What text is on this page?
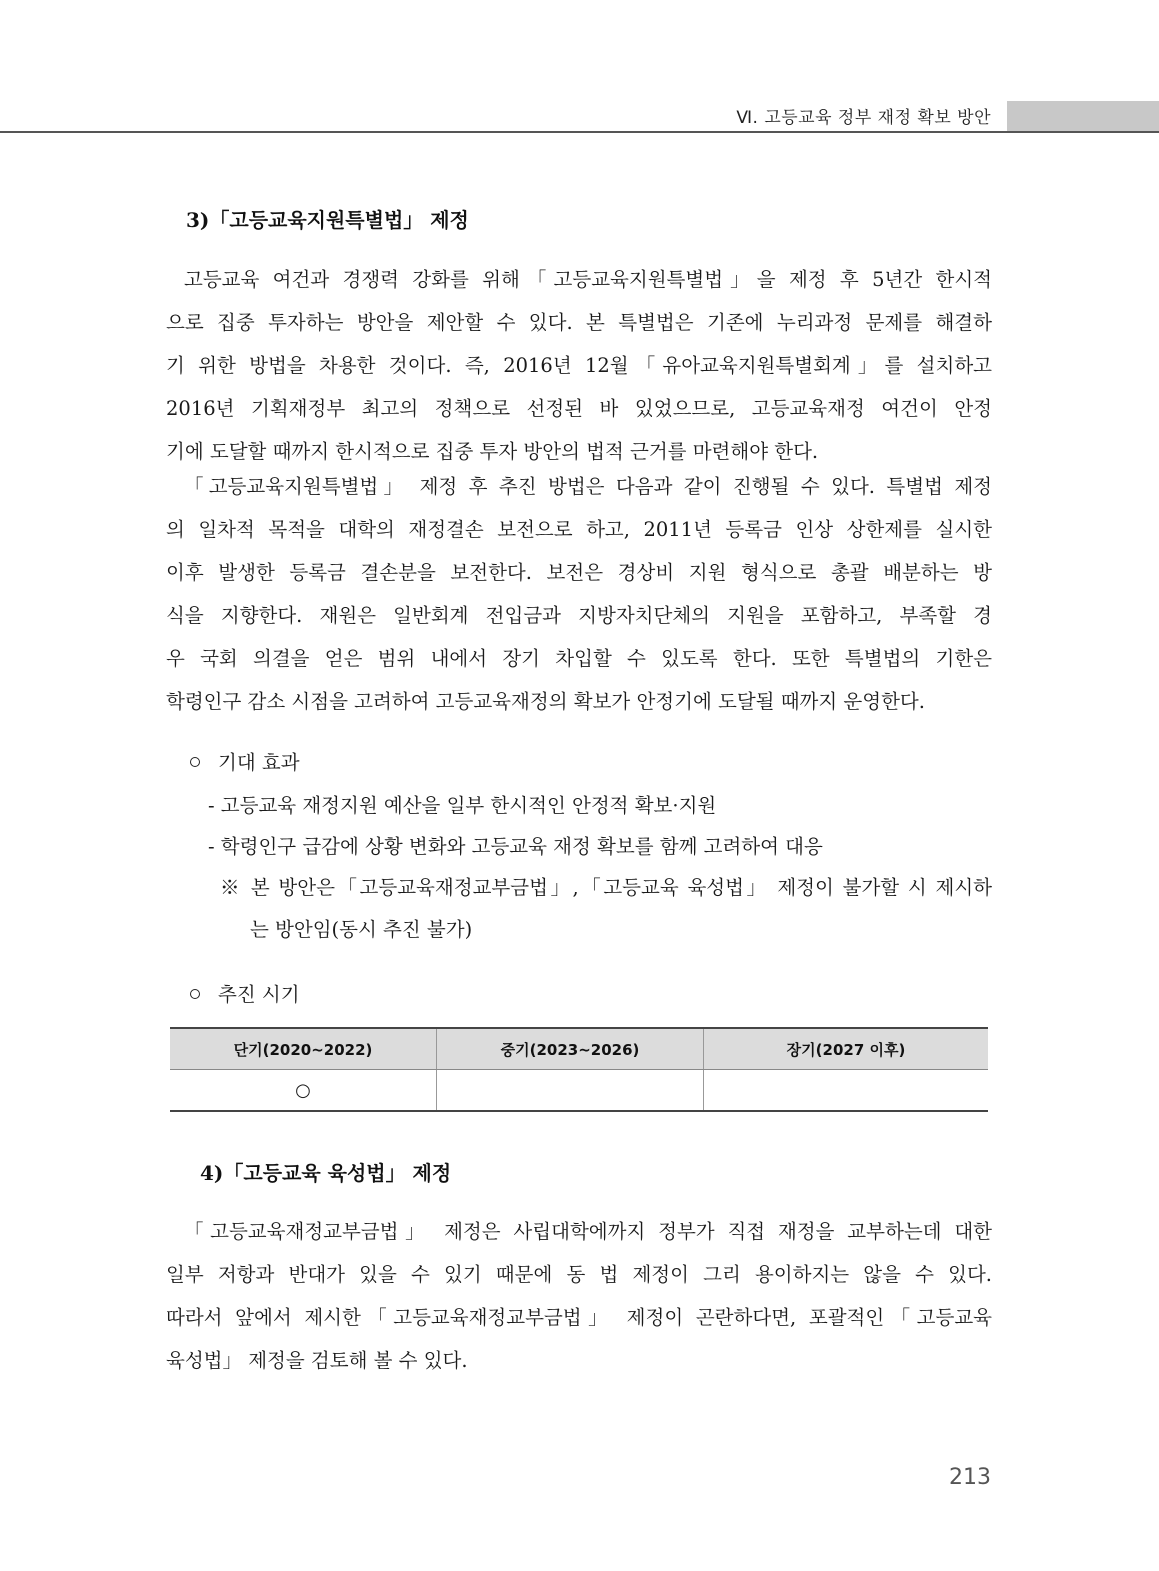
Ⅵ. 고등교육 정부 재정 확보 방안
3)「고등교육지원특별법」 제정

고등교육 여건과 경쟁력 강화를 위해「고등교육지원특별법」을 제정 후 5년간 한시적

으로 집중 투자하는 방안을 제안할 수 있다. 본 특별법은 기존에 누리과정 문제를 해결하

기 위한 방법을 차용한 것이다. 즉, 2016년 12월「유아교육지원특별회계」를 설치하고

2016년 기획재정부 최고의 정책으로 선정된 바 있었으므로, 고등교육재정 여건이 안정

기에 도달할 때까지 한시적으로 집중 투자 방안의 법적 근거를 마련해야 한다.

「고등교육지원특별법」 제정 후 추진 방법은 다음과 같이 진행될 수 있다. 특별법 제정

의 일차적 목적을 대학의 재정결손 보전으로 하고, 2011년 등록금 인상 상한제를 실시한

이후 발생한 등록금 결손분을 보전한다. 보전은 경상비 지원 형식으로 총괄 배분하는 방

식을 지향한다. 재원은 일반회계 전입금과 지방자치단체의 지원을 포함하고, 부족할 경

우 국회 의결을 얻은 범위 내에서 장기 차입할 수 있도록 한다. 또한 특별법의 기한은

학령인구 감소 시점을 고려하여 고등교육재정의 확보가 안정기에 도달될 때까지 운영한다.

기대 효과
- 고등교육 재정지원 예산을 일부 한시적인 안정적 확보·지원
- 학령인구 급감에 상황 변화와 고등교육 재정 확보를 함께 고려하여 대응
※ 본 방안은「고등교육재정교부금법」,「고등교육 육성법」 제정이 불가할 시 제시하
는 방안임(동시 추진 불가)
추진 시기
단기(2020~2022)	중기(2023~2026)	장기(2027 이후)
○		
4)「고등교육 육성법」 제정

「고등교육재정교부금법」 제정은 사립대학에까지 정부가 직접 재정을 교부하는데 대한

일부 저항과 반대가 있을 수 있기 때문에 동 법 제정이 그리 용이하지는 않을 수 있다.

따라서 앞에서 제시한「고등교육재정교부금법」 제정이 곤란하다면, 포괄적인「고등교육

육성법」 제정을 검토해 볼 수 있다.

213
